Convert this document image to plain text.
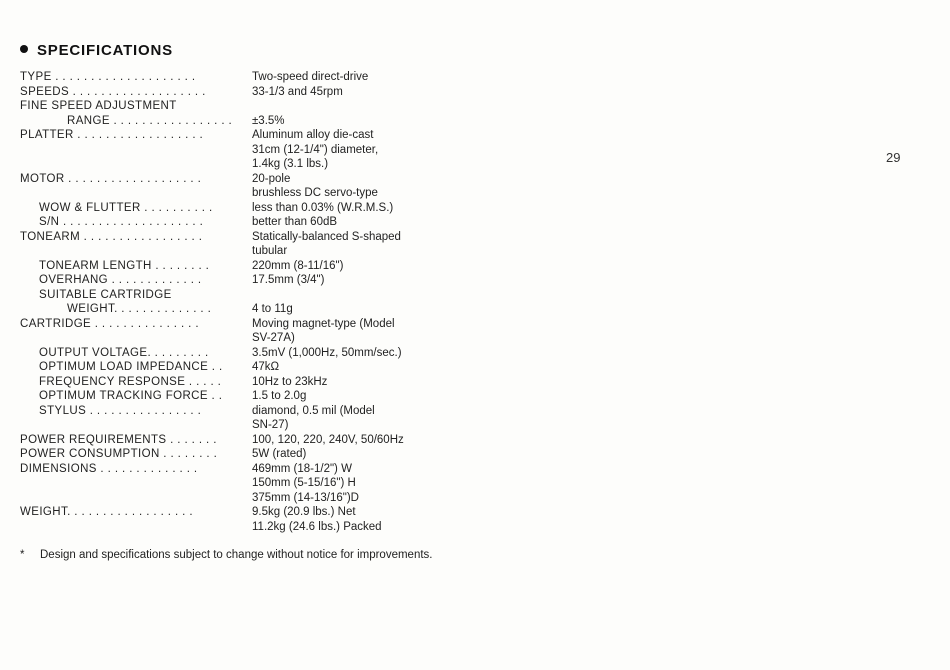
SPECIFICATIONS
29
TYPE . . . . . . . . . . . . . . . . . . . .	Two-speed direct-drive
SPEEDS . . . . . . . . . . . . . . . . . . .	33-1/3 and 45rpm
FINE SPEED ADJUSTMENT
RANGE . . . . . . . . . . . . . . . . .	±3.5%
PLATTER . . . . . . . . . . . . . . . . . .	Aluminum alloy die-cast
31cm (12-1/4") diameter,
1.4kg (3.1 lbs.)
MOTOR . . . . . . . . . . . . . . . . . . .	20-pole
brushless DC servo-type
WOW & FLUTTER . . . . . . . . . .	less than 0.03% (W.R.M.S.)
S/N . . . . . . . . . . . . . . . . . . . .	better than 60dB
TONEARM . . . . . . . . . . . . . . . . .	Statically-balanced S-shaped
tubular
TONEARM LENGTH . . . . . . . .	220mm (8-11/16")
OVERHANG . . . . . . . . . . . . .	17.5mm (3/4")
SUITABLE CARTRIDGE
WEIGHT. . . . . . . . . . . . . .	4 to 11g
CARTRIDGE . . . . . . . . . . . . . . .	Moving magnet-type (Model
SV-27A)
OUTPUT VOLTAGE. . . . . . . . .	3.5mV (1,000Hz, 50mm/sec.)
OPTIMUM LOAD IMPEDANCE . .	47kΩ
FREQUENCY RESPONSE . . . . .	10Hz to 23kHz
OPTIMUM TRACKING FORCE . .	1.5 to 2.0g
STYLUS . . . . . . . . . . . . . . . .	diamond, 0.5 mil (Model
SN-27)
POWER REQUIREMENTS . . . . . . .	100, 120, 220, 240V, 50/60Hz
POWER CONSUMPTION . . . . . . . .	5W (rated)
DIMENSIONS . . . . . . . . . . . . . .	469mm (18-1/2") W
150mm (5-15/16") H
375mm (14-13/16")D
WEIGHT. . . . . . . . . . . . . . . . . .	9.5kg (20.9 lbs.) Net
11.2kg (24.6 lbs.) Packed
*	Design and specifications subject to change without notice for improvements.
